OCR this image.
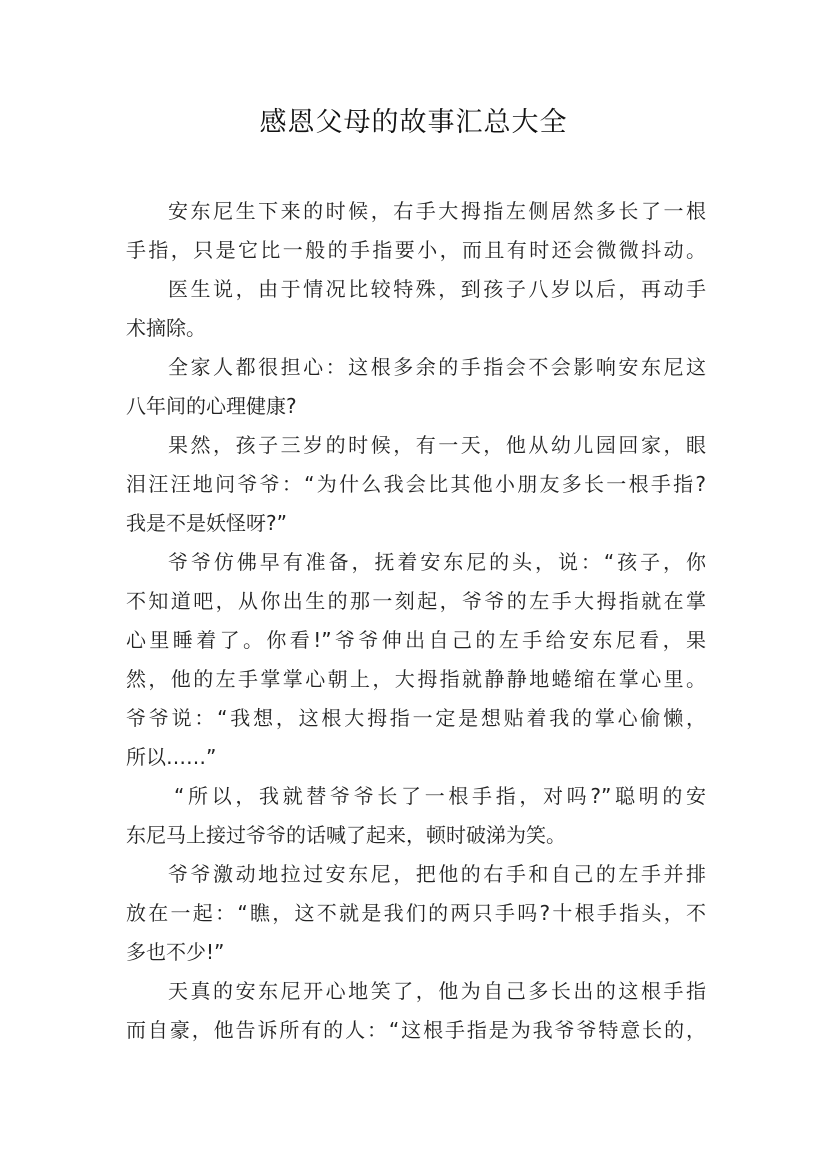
感恩父母的故事汇总大全
安东尼生下来的时候，右手大拇指左侧居然多长了一根
手指，只是它比一般的手指要小，而且有时还会微微抖动。
医生说，由于情况比较特殊，到孩子八岁以后，再动手
术摘除。
全家人都很担心：这根多余的手指会不会影响安东尼这
八年间的心理健康?
果然，孩子三岁的时候，有一天，他从幼儿园回家，眼
泪汪汪地问爷爷：“为什么我会比其他小朋友多长一根手指?
我是不是妖怪呀?”
爷爷仿佛早有准备，抚着安东尼的头，说：“孩子，你
不知道吧，从你出生的那一刻起，爷爷的左手大拇指就在掌
心里睡着了。你看!”爷爷伸出自己的左手给安东尼看，果
然，他的左手掌掌心朝上，大拇指就静静地蜷缩在掌心里。
爷爷说：“我想，这根大拇指一定是想贴着我的掌心偷懒，
所以……”
“所以，我就替爷爷长了一根手指，对吗?”聪明的安
东尼马上接过爷爷的话喊了起来，顿时破涕为笑。
爷爷激动地拉过安东尼，把他的右手和自己的左手并排
放在一起：“瞧，这不就是我们的两只手吗?十根手指头，不
多也不少!”
天真的安东尼开心地笑了，他为自己多长出的这根手指
而自豪，他告诉所有的人：“这根手指是为我爷爷特意长的，
